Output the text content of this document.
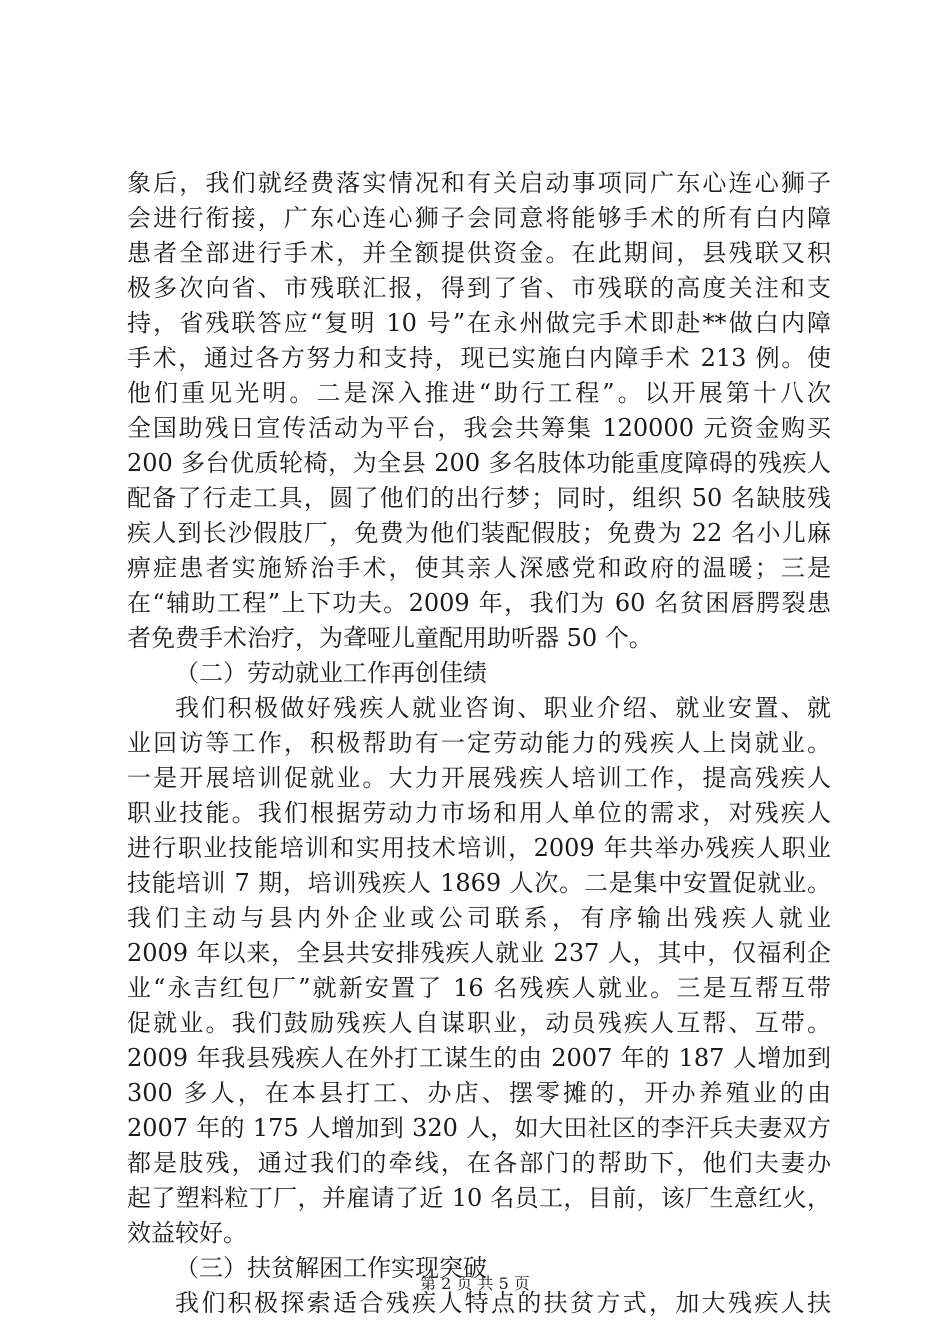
象后，我们就经费落实情况和有关启动事项同广东心连心狮子
会进行衔接，广东心连心狮子会同意将能够手术的所有白内障
患者全部进行手术，并全额提供资金。在此期间，县残联又积
极多次向省、市残联汇报，得到了省、市残联的高度关注和支
持，省残联答应“复明 10 号”在永州做完手术即赴**做白内障
手术，通过各方努力和支持，现已实施白内障手术 213 例。使
他们重见光明。二是深入推进“助行工程”。以开展第十八次
全国助残日宣传活动为平台，我会共筹集 120000 元资金购买
200 多台优质轮椅，为全县 200 多名肢体功能重度障碍的残疾人
配备了行走工具，圆了他们的出行梦；同时，组织 50 名缺肢残
疾人到长沙假肢厂，免费为他们装配假肢；免费为 22 名小儿麻
痹症患者实施矫治手术，使其亲人深感党和政府的温暖；三是
在“辅助工程”上下功夫。2009 年，我们为 60 名贫困唇腭裂患
者免费手术治疗，为聋哑儿童配用助听器 50 个。
（二）劳动就业工作再创佳绩
我们积极做好残疾人就业咨询、职业介绍、就业安置、就
业回访等工作，积极帮助有一定劳动能力的残疾人上岗就业。
一是开展培训促就业。大力开展残疾人培训工作，提高残疾人
职业技能。我们根据劳动力市场和用人单位的需求，对残疾人
进行职业技能培训和实用技术培训，2009 年共举办残疾人职业
技能培训 7 期，培训残疾人 1869 人次。二是集中安置促就业。
我们主动与县内外企业或公司联系，有序输出残疾人就业
2009 年以来，全县共安排残疾人就业 237 人，其中，仅福利企
业“永吉红包厂”就新安置了 16 名残疾人就业。三是互帮互带
促就业。我们鼓励残疾人自谋职业，动员残疾人互帮、互带。
2009 年我县残疾人在外打工谋生的由 2007 年的 187 人增加到
300 多人，在本县打工、办店、摆零摊的，开办养殖业的由
2007 年的 175 人增加到 320 人，如大田社区的李汗兵夫妻双方
都是肢残，通过我们的牵线，在各部门的帮助下，他们夫妻办
起了塑料粒丁厂，并雇请了近 10 名员工，目前，该厂生意红火，
效益较好。
（三）扶贫解困工作实现突破
我们积极探索适合残疾人特点的扶贫方式，加大残疾人扶
第 2 页 共 5 页
